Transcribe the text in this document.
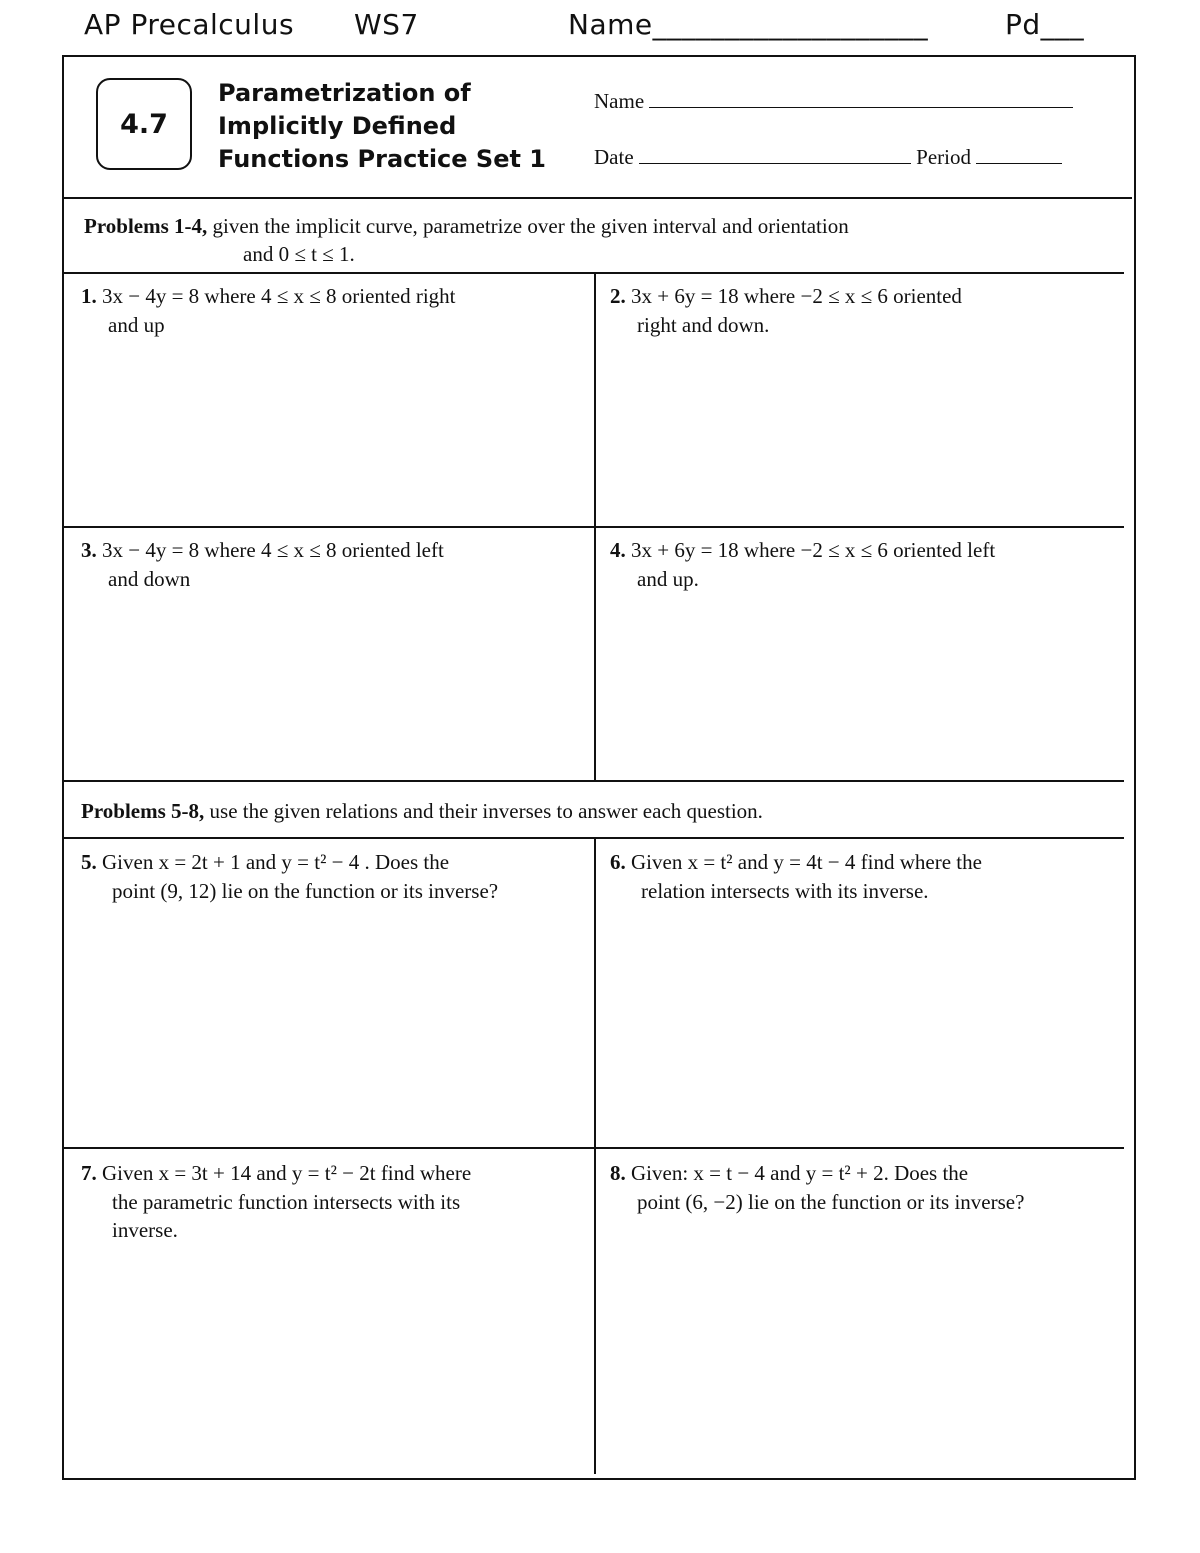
AP Precalculus WS7	Name___________________	Pd___
4.7
Parametrization of
Implicitly Defined
Functions Practice Set 1
Name
Date	Period
Problems 1-4, given the implicit curve, parametrize over the given interval and orientation
and 0 ≤ t ≤ 1.
Problems 5-8, use the given relations and their inverses to answer each question.
1. 3x − 4y = 8 where 4 ≤ x ≤ 8 oriented right
and up
2. 3x + 6y = 18 where −2 ≤ x ≤ 6 oriented
right and down.
3. 3x − 4y = 8 where 4 ≤ x ≤ 8 oriented left
and down
4. 3x + 6y = 18 where −2 ≤ x ≤ 6 oriented left
and up.
5. Given x = 2t + 1 and y = t² − 4 . Does the
point (9, 12) lie on the function or its inverse?
6. Given x = t² and y = 4t − 4 find where the
relation intersects with its inverse.
7. Given x = 3t + 14 and y = t² − 2t find where
the parametric function intersects with its
inverse.
8. Given: x = t − 4 and y = t² + 2. Does the
point (6, −2) lie on the function or its inverse?
